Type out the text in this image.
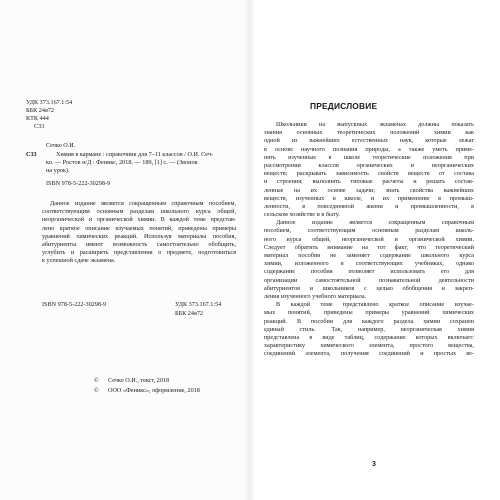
УДК 373.167.1:54
ББК 24я72
КТК 444
С33
Сечко О.И.
С33	Химия в кармане : справочник для 7–11 классов / О.И. Сеч-
ко. — Ростов н/Д : Феникс, 2018. — 189, [1] с. — (Звонок
на урок).
ISBN 978-5-222-30298-9
Данное издание является сокращенным справочным пособием,
соответствующим основным разделам школьного курса общей,
неорганической и органической химии. В каждой теме представ-
лено краткое описание изучаемых понятий, приведены примеры
уравнений химических реакций. Используя материалы пособия,
абитуриенты имеют возможность самостоятельно обобщить,
углубить и расширить представления о предмете, подготовиться
к успешной сдаче экзамена.
ISBN 978-5-222-30298-9	УДК 373.167.1:54
ББК 24я72
© Сечко О.И., текст, 2018
© ООО «Феникс», оформление, 2018
ПРЕДИСЛОВИЕ

Школьники на выпускных экзаменах должны показать
знания основных теоретических положений химии как
одной из важнейших естественных наук, которые лежат
в основе научного познания природы, а также уметь приме-
нять изученные в школе теоретические положения при
рассмотрении классов органических и неорганических
веществ; раскрывать зависимость свойств веществ от состава
и строения; выполнять типовые расчеты и решать состав-
ленные на их основе задачи; знать свойства важнейших
веществ, изученных в школе, и их применение в промыш-
ленности, в повседневной жизни и промышленности, в
сельском хозяйстве и в быту.

Данное издание является сокращенным справочным
пособием, соответствующим основным разделам школь-
ного курса общей, неорганической и органической химии.
Следует обратить внимание на тот факт, что теоретический
материал пособия не заменяет содержание школьного курса
химии, изложенного в соответствующих учебниках, однако
содержание пособия позволяет использовать его для
организации самостоятельной познавательной деятельности
абитуриентов и школьников с целью обобщения и закреп-
ления изученного учебного материала.

В каждой теме представлено краткое описание изучае-
мых понятий, приведены примеры уравнений химических
реакций. В пособии для каждого раздела химии сохранен
единый стиль. Так, например, неорганическая химия
представлена в виде таблиц, содержание которых включает:
характеристику химического элемента, простого вещества,
соединений элемента, получения соединений и простых ве-

3
